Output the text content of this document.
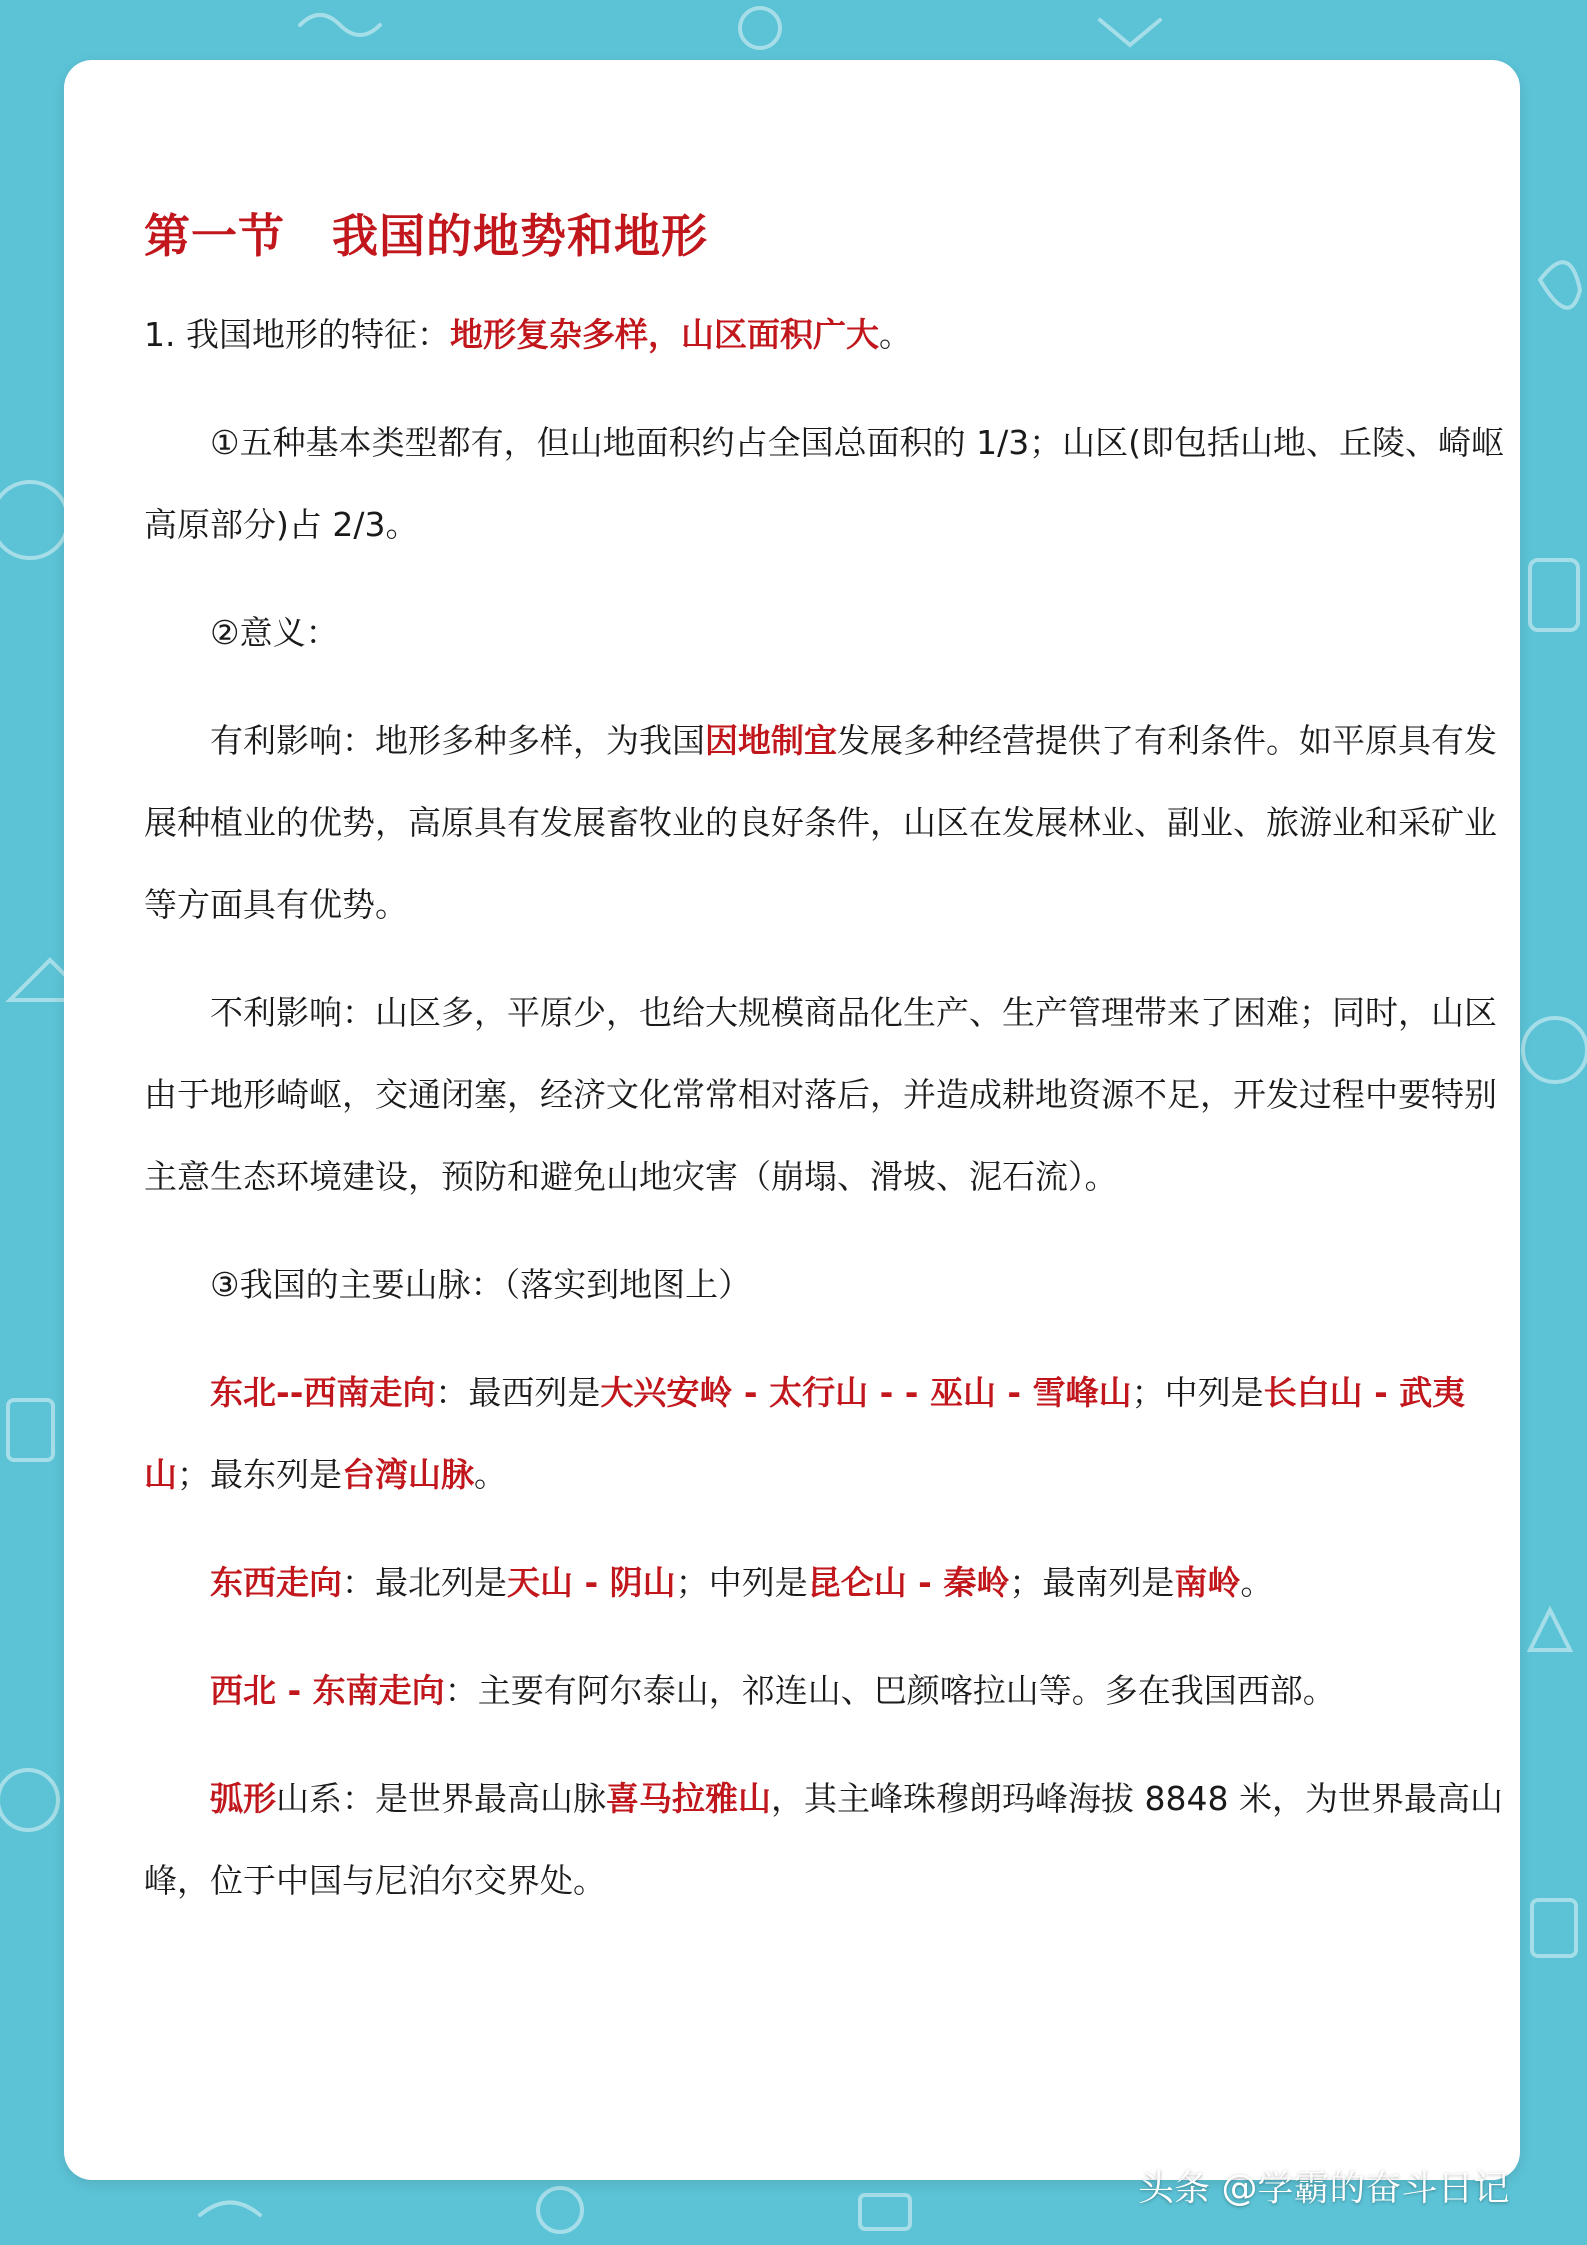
第一节　我国的地势和地形

1. 我国地形的特征：地形复杂多样，山区面积广大。

①五种基本类型都有，但山地面积约占全国总面积的 1/3；山区(即包括山地、丘陵、崎岖高原部分)占 2/3。

②意义：

有利影响：地形多种多样，为我国因地制宜发展多种经营提供了有利条件。如平原具有发展种植业的优势，高原具有发展畜牧业的良好条件，山区在发展林业、副业、旅游业和采矿业等方面具有优势。

不利影响：山区多，平原少，也给大规模商品化生产、生产管理带来了困难；同时，山区由于地形崎岖，交通闭塞，经济文化常常相对落后，并造成耕地资源不足，开发过程中要特别主意生态环境建设，预防和避免山地灾害（崩塌、滑坡、泥石流）。

③我国的主要山脉：（落实到地图上）

东北--西南走向：最西列是大兴安岭 - 太行山 - - 巫山 - 雪峰山；中列是长白山 - 武夷山；最东列是台湾山脉。

东西走向：最北列是天山 - 阴山；中列是昆仑山 - 秦岭；最南列是南岭。

西北 - 东南走向：主要有阿尔泰山，祁连山、巴颜喀拉山等。多在我国西部。

弧形山系：是世界最高山脉喜马拉雅山，其主峰珠穆朗玛峰海拔 8848 米，为世界最高山峰，位于中国与尼泊尔交界处。

头条 @学霸的奋斗日记
